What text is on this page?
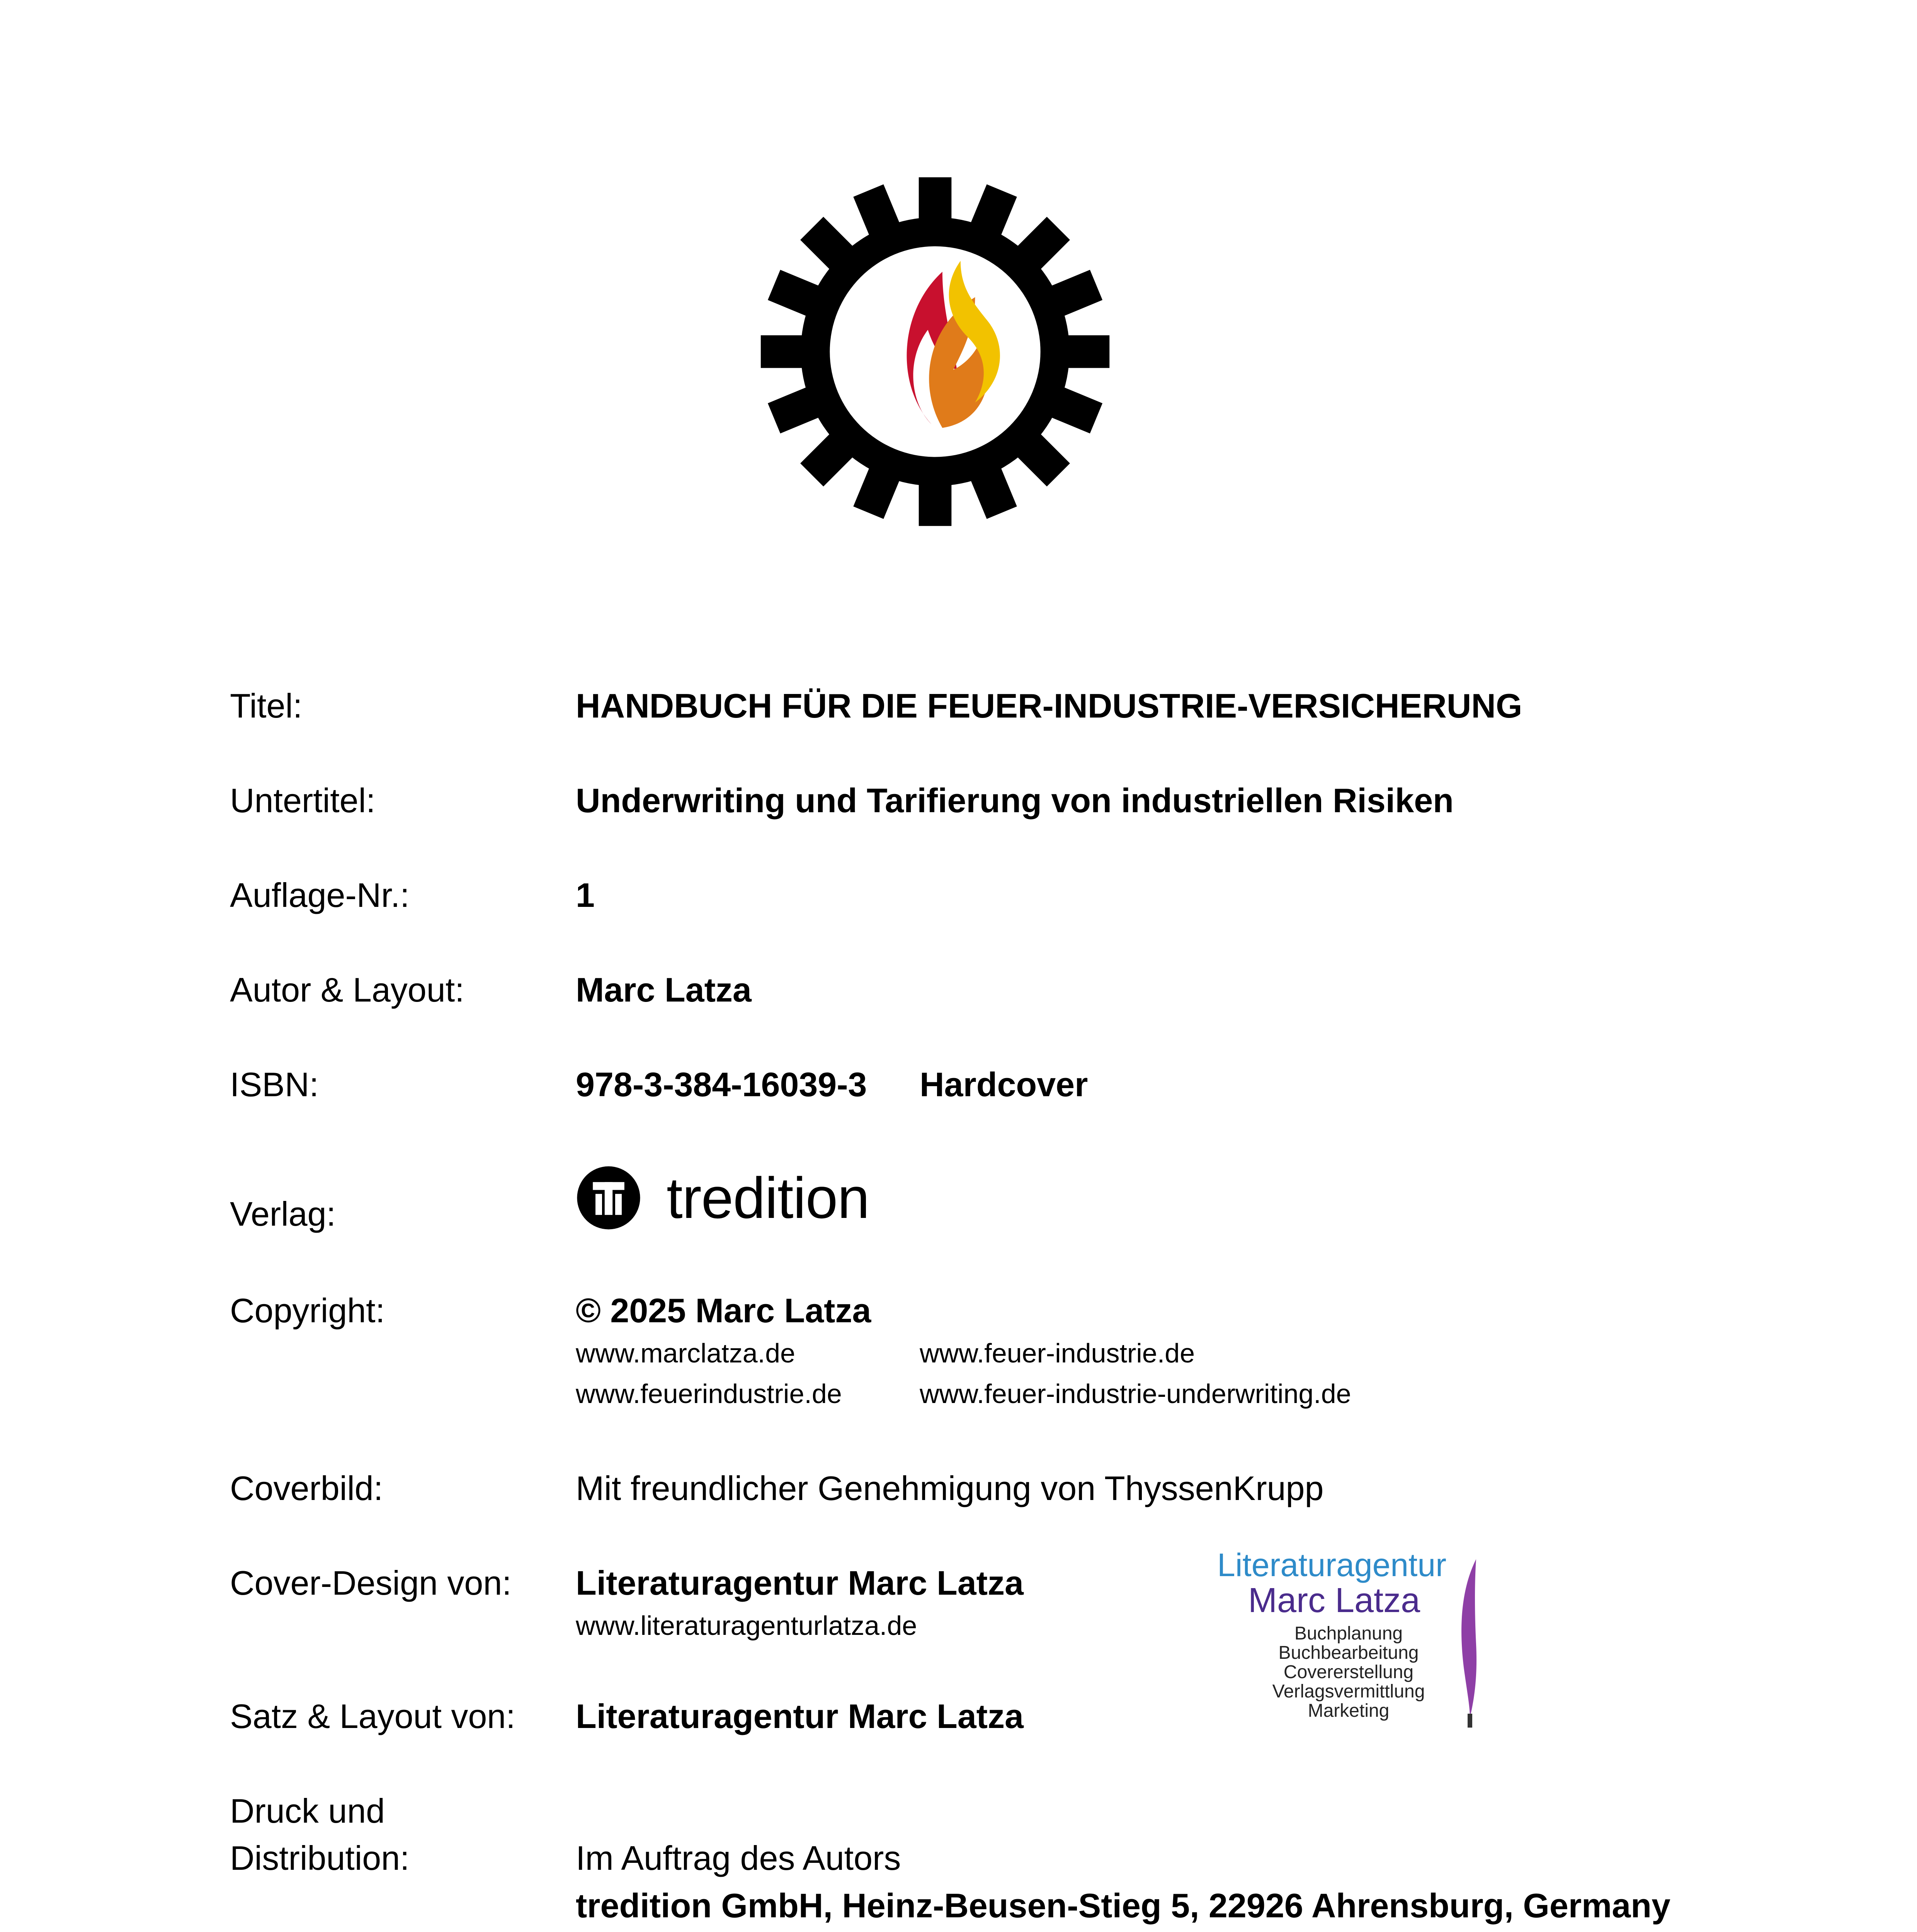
Titel:	HANDBUCH FÜR DIE FEUER-INDUSTRIE-VERSICHERUNG
Untertitel:	Underwriting und Tarifierung von industriellen Risiken
Auflage-Nr.:	1
Autor & Layout:	Marc Latza
ISBN:	978-3-384-16039-3 Hardcover
Verlag:	tredition
Copyright:	© 2025 Marc Latza
www.marclatza.de	www.feuer-industrie.de
www.feuerindustrie.de	www.feuer-industrie-underwriting.de
Coverbild:	Mit freundlicher Genehmigung von ThyssenKrupp
Cover-Design von: Literaturagentur Marc Latza
www.literaturagenturlatza.de
Literaturagentur
Marc Latza
Buchplanung
Buchbearbeitung
Covererstellung
Verlagsvermittlung
Marketing
Satz & Layout von: Literaturagentur Marc Latza
Druck und
Distribution:	Im Auftrag des Autors
tredition GmbH, Heinz-Beusen-Stieg 5, 22926 Ahrensburg, Germany
